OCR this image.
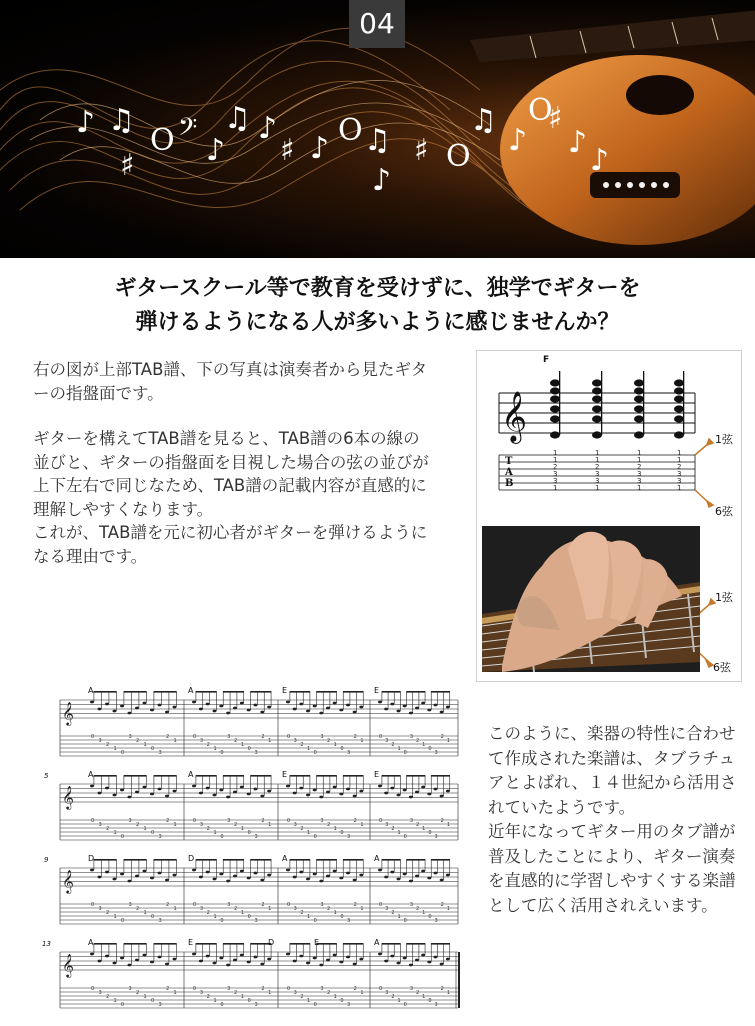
♪ ♫
♯
O 𝄢
♪
♫ ♪
♯ ♪
O ♫
♪
♯ O
♫
♪
♯
♪
♪
O
04
ギタースクール等で教育を受けずに、独学でギターを
弾けるようになる人が多いように感じませんか？

右の図が上部TAB譜、下の写真は演奏者から見たギターの指盤面です。

ギターを構えてTAB譜を見ると、TAB譜の6本の線の並びと、ギターの指盤面を目視した場合の弦の並びが上下左右で同じなため、TAB譜の記載内容が直感的に理解しやすくなります。

これが、TAB譜を元に初心者がギターを弾けるようになる理由です。

𝄞
F
T
A
B
1
1
2
3
3
1
1
1
2
3
3
1
1
1
2
3
3
1
1
1
2
3
3
1
1弦
6弦
1弦
6弦
𝄞
𝄞
𝄞
𝄞
0
3
2
1
0
3
2
1
0
3
2
1
0
3
2
1
0
3
2
1
0
3
2
1
0
3
2
1
0
3
2
1
0
3
2
1
0
3
2
1
0
3
2
1
0
3
2
1
0
3
2
1
0
3
2
1
0
3
2
1
0
3
2
1
0
3
2
1
0
3
2
1
0
3
2
1
0
3
2
1
0
3
2
1
0
3
2
1
0
3
2
1
0
3
2
1
0
3
2
1
0
3
2
1
0
3
2
1
0
3
2
1
0
3
2
1
0
3
2
1
0
3
2
1
0
3
2
1
0
3
2
1
0
3
2
1
0
3
2
1
0
3
2
1
0
3
2
1
0
3
2
1
0
3
2
1
0
3
2
1
0
3
2
1
0
3
2
1
0
3
2
1
0
3
2
1
0
3
2
1
0
3
2
1
0
3
2
1
0
3
2
1
A	A	E	E
5	A	A	E	E
9	D	D	A	A
13	A	E	D	E	A

このように、楽器の特性に合わせて作成された楽譜は、タブラチュアとよばれ、１４世紀から活用されていたようです。

近年になってギター用のタブ譜が普及したことにより、ギター演奏を直感的に学習しやすくする楽譜として広く活用されえいます。
